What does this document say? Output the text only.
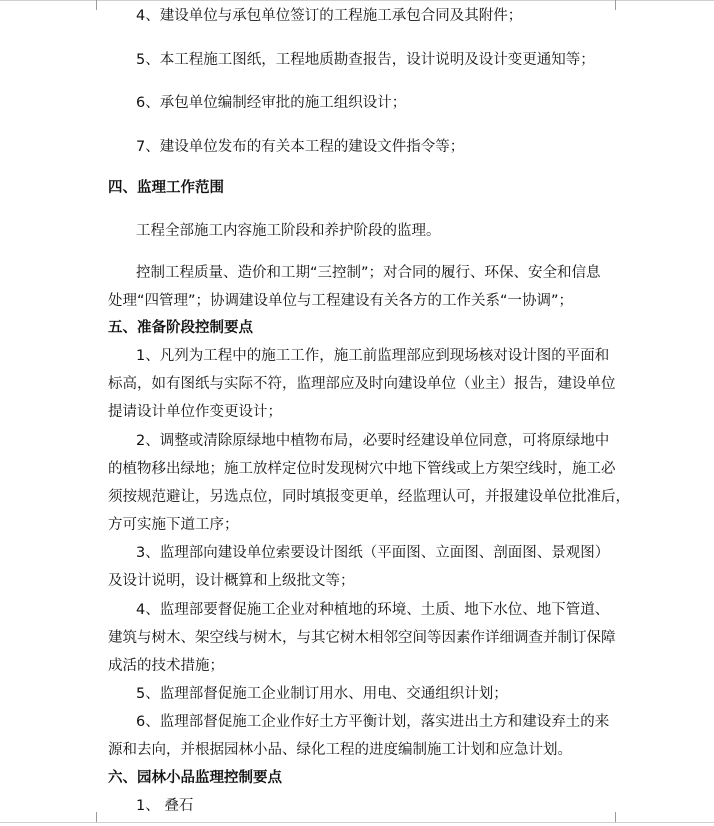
4、建设单位与承包单位签订的工程施工承包合同及其附件；
5、本工程施工图纸，工程地质勘查报告，设计说明及设计变更通知等；
6、承包单位编制经审批的施工组织设计；
7、建设单位发布的有关本工程的建设文件指令等；
四、监理工作范围
工程全部施工内容施工阶段和养护阶段的监理。
控制工程质量、造价和工期“三控制”；对合同的履行、环保、安全和信息
处理“四管理”；协调建设单位与工程建设有关各方的工作关系“一协调”；
五、准备阶段控制要点
1、凡列为工程中的施工工作，施工前监理部应到现场核对设计图的平面和
标高，如有图纸与实际不符，监理部应及时向建设单位（业主）报告，建设单位
提请设计单位作变更设计；
2、调整或清除原绿地中植物布局，必要时经建设单位同意，可将原绿地中
的植物移出绿地；施工放样定位时发现树穴中地下管线或上方架空线时，施工必
须按规范避让，另选点位，同时填报变更单，经监理认可，并报建设单位批准后，
方可实施下道工序；
3、监理部向建设单位索要设计图纸（平面图、立面图、剖面图、景观图）
及设计说明，设计概算和上级批文等；
4、监理部要督促施工企业对种植地的环境、土质、地下水位、地下管道、
建筑与树木、架空线与树木，与其它树木相邻空间等因素作详细调查并制订保障
成活的技术措施；
5、监理部督促施工企业制订用水、用电、交通组织计划；
6、监理部督促施工企业作好土方平衡计划，落实进出土方和建设弃土的来
源和去向，并根据园林小品、绿化工程的进度编制施工计划和应急计划。
六、园林小品监理控制要点
1、 叠石
